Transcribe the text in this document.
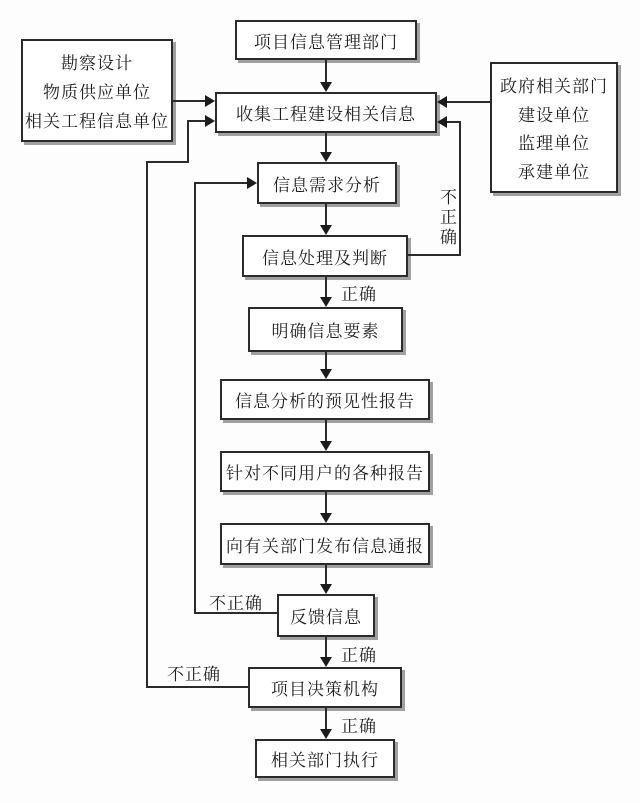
项目信息管理部门
勘察设计
物质供应单位
相关工程信息单位
政府相关部门
建设单位
监理单位
承建单位
收集工程建设相关信息
信息需求分析
信息处理及判断
明确信息要素
信息分析的预见性报告
针对不同用户的各种报告
向有关部门发布信息通报
反馈信息
项目决策机构
相关部门执行
不正确
正确
不正确
正确
不正确
正确
